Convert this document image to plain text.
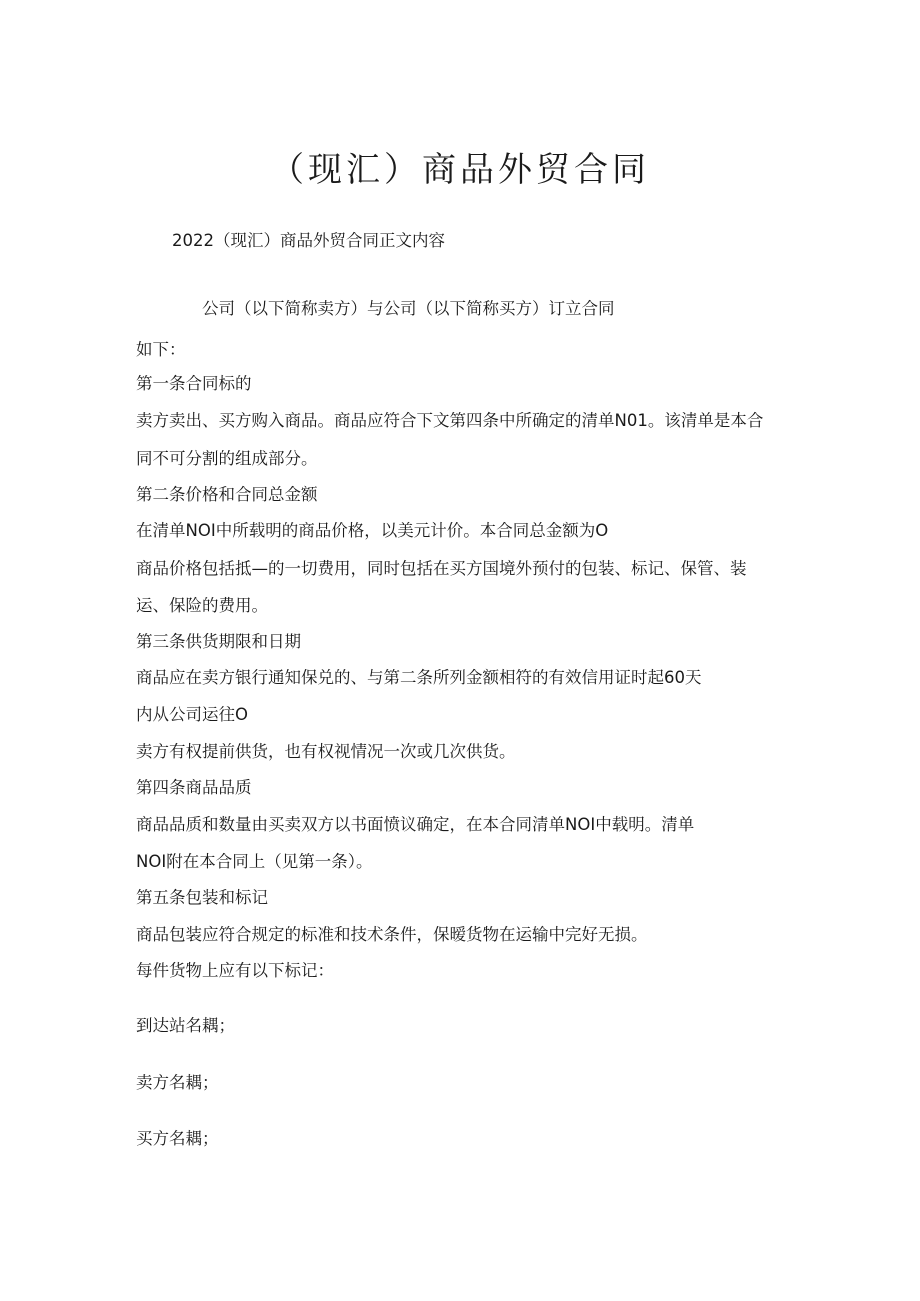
（现汇）商品外贸合同

2022（现汇）商品外贸合同正文内容

公司（以下简称卖方）与公司（以下简称买方）订立合同

如下：

第一条合同标的

卖方卖出、买方购入商品。商品应符合下文第四条中所确定的清单N01。该清单是本合

同不可分割的组成部分。

第二条价格和合同总金额

在清单NOI中所载明的商品价格，以美元计价。本合同总金额为O

商品价格包括抵—的一切费用，同时包括在买方国境外预付的包装、标记、保管、装

运、保险的费用。

第三条供货期限和日期

商品应在卖方银行通知保兑的、与第二条所列金额相符的有效信用证时起60天

内从公司运往O

卖方有权提前供货，也有权视情况一次或几次供货。

第四条商品品质

商品品质和数量由买卖双方以书面愤议确定，在本合同清单NOI中载明。清单

NOI附在本合同上（见第一条）。

第五条包装和标记

商品包装应符合规定的标准和技术条件，保暧货物在运输中完好无损。

每件货物上应有以下标记：

到达站名耦；

卖方名耦；

买方名耦；
